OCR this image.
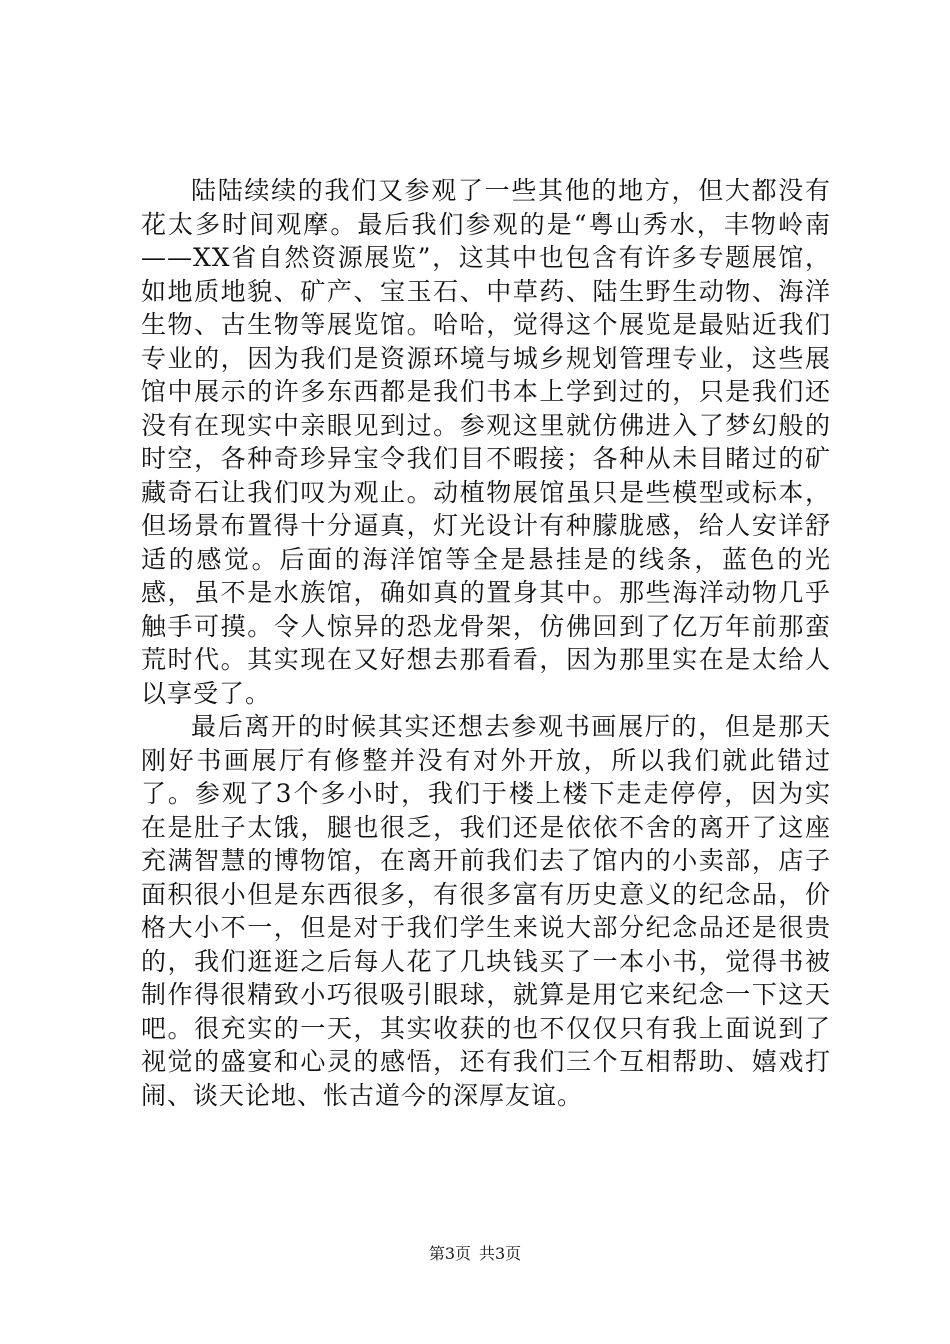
陆陆续续的我们又参观了一些其他的地方，但大都没有花太多时间观摩。最后我们参观的是“粤山秀水，丰物岭南——XX省自然资源展览”，这其中也包含有许多专题展馆，如地质地貌、矿产、宝玉石、中草药、陆生野生动物、海洋生物、古生物等展览馆。哈哈，觉得这个展览是最贴近我们专业的，因为我们是资源环境与城乡规划管理专业，这些展馆中展示的许多东西都是我们书本上学到过的，只是我们还没有在现实中亲眼见到过。参观这里就仿佛进入了梦幻般的时空，各种奇珍异宝令我们目不暇接；各种从未目睹过的矿藏奇石让我们叹为观止。动植物展馆虽只是些模型或标本，但场景布置得十分逼真，灯光设计有种朦胧感，给人安详舒适的感觉。后面的海洋馆等全是悬挂是的线条，蓝色的光感，虽不是水族馆，确如真的置身其中。那些海洋动物几乎触手可摸。令人惊异的恐龙骨架，仿佛回到了亿万年前那蛮荒时代。其实现在又好想去那看看，因为那里实在是太给人以享受了。

最后离开的时候其实还想去参观书画展厅的，但是那天刚好书画展厅有修整并没有对外开放，所以我们就此错过了。参观了3个多小时，我们于楼上楼下走走停停，因为实在是肚子太饿，腿也很乏，我们还是依依不舍的离开了这座充满智慧的博物馆，在离开前我们去了馆内的小卖部，店子面积很小但是东西很多，有很多富有历史意义的纪念品，价格大小不一，但是对于我们学生来说大部分纪念品还是很贵的，我们逛逛之后每人花了几块钱买了一本小书，觉得书被制作得很精致小巧很吸引眼球，就算是用它来纪念一下这天吧。很充实的一天，其实收获的也不仅仅只有我上面说到了视觉的盛宴和心灵的感悟，还有我们三个互相帮助、嬉戏打闹、谈天论地、怅古道今的深厚友谊。

第3页 共3页
